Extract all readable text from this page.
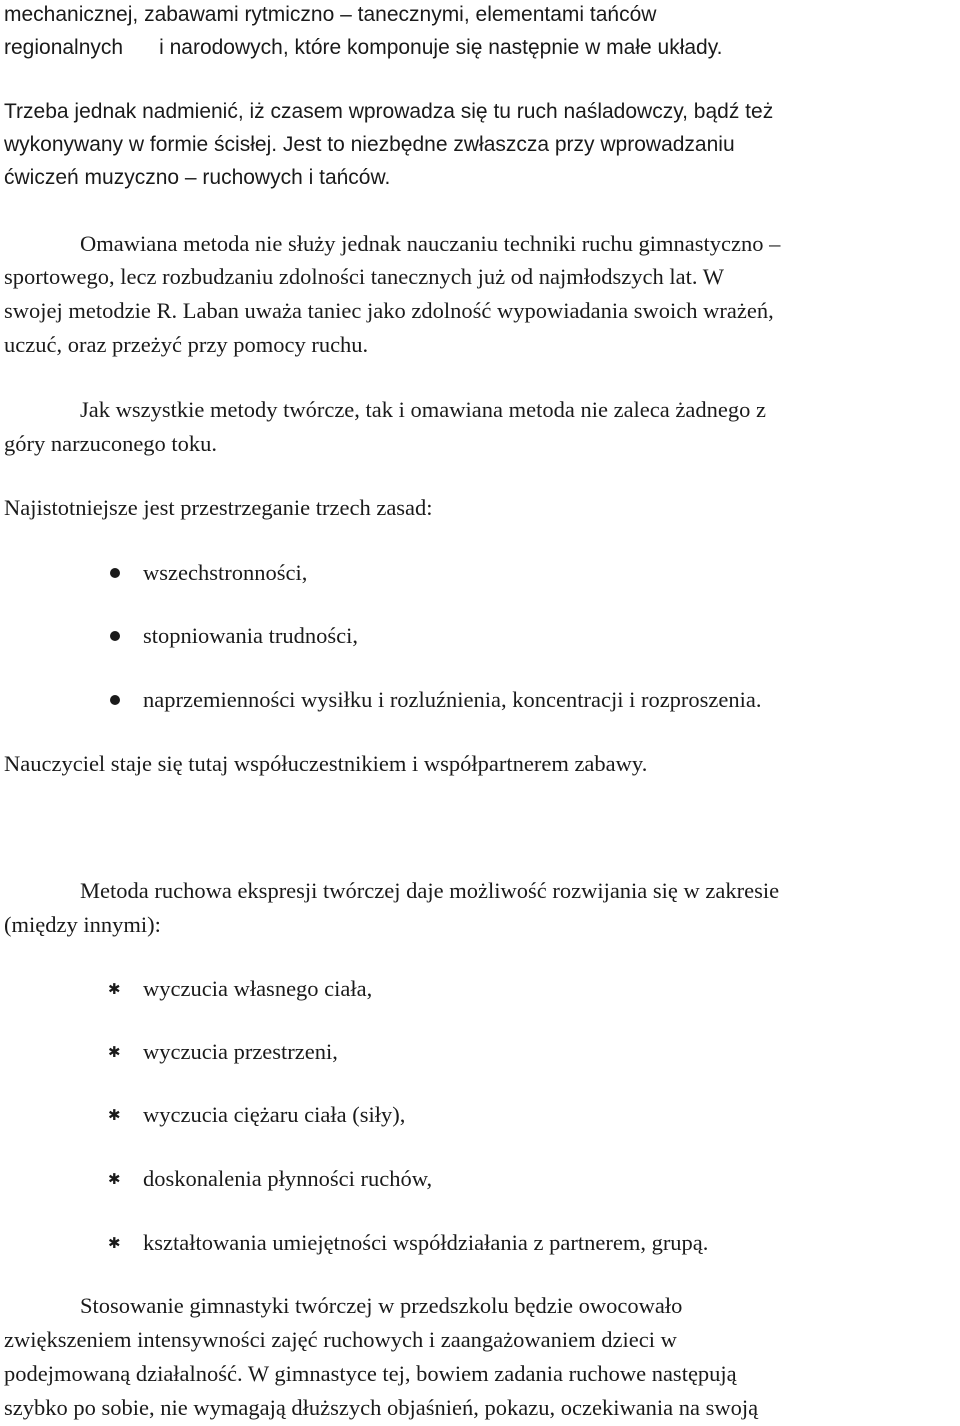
mechanicznej, zabawami rytmiczno – tanecznymi, elementami tańców
regionalnych i narodowych, które komponuje się następnie w małe układy.
Trzeba jednak nadmienić, iż czasem wprowadza się tu ruch naśladowczy, bądź też
wykonywany w formie ścisłej. Jest to niezbędne zwłaszcza przy wprowadzaniu
ćwiczeń muzyczno – ruchowych i tańców.
Omawiana metoda nie służy jednak nauczaniu techniki ruchu gimnastyczno –
sportowego, lecz rozbudzaniu zdolności tanecznych już od najmłodszych lat. W
swojej metodzie R. Laban uważa taniec jako zdolność wypowiadania swoich wrażeń,
uczuć, oraz przeżyć przy pomocy ruchu.
Jak wszystkie metody twórcze, tak i omawiana metoda nie zaleca żadnego z
góry narzuconego toku.
Najistotniejsze jest przestrzeganie trzech zasad:
wszechstronności,
stopniowania trudności,
naprzemienności wysiłku i rozluźnienia, koncentracji i rozproszenia.
Nauczyciel staje się tutaj współuczestnikiem i współpartnerem zabawy.
Metoda ruchowa ekspresji twórczej daje możliwość rozwijania się w zakresie
(między innymi):
✱ wyczucia własnego ciała,
✱ wyczucia przestrzeni,
✱ wyczucia ciężaru ciała (siły),
✱ doskonalenia płynności ruchów,
✱ kształtowania umiejętności współdziałania z partnerem, grupą.
Stosowanie gimnastyki twórczej w przedszkolu będzie owocowało
zwiększeniem intensywności zajęć ruchowych i zaangażowaniem dzieci w
podejmowaną działalność. W gimnastyce tej, bowiem zadania ruchowe następują
szybko po sobie, nie wymagają dłuższych objaśnień, pokazu, oczekiwania na swoją
